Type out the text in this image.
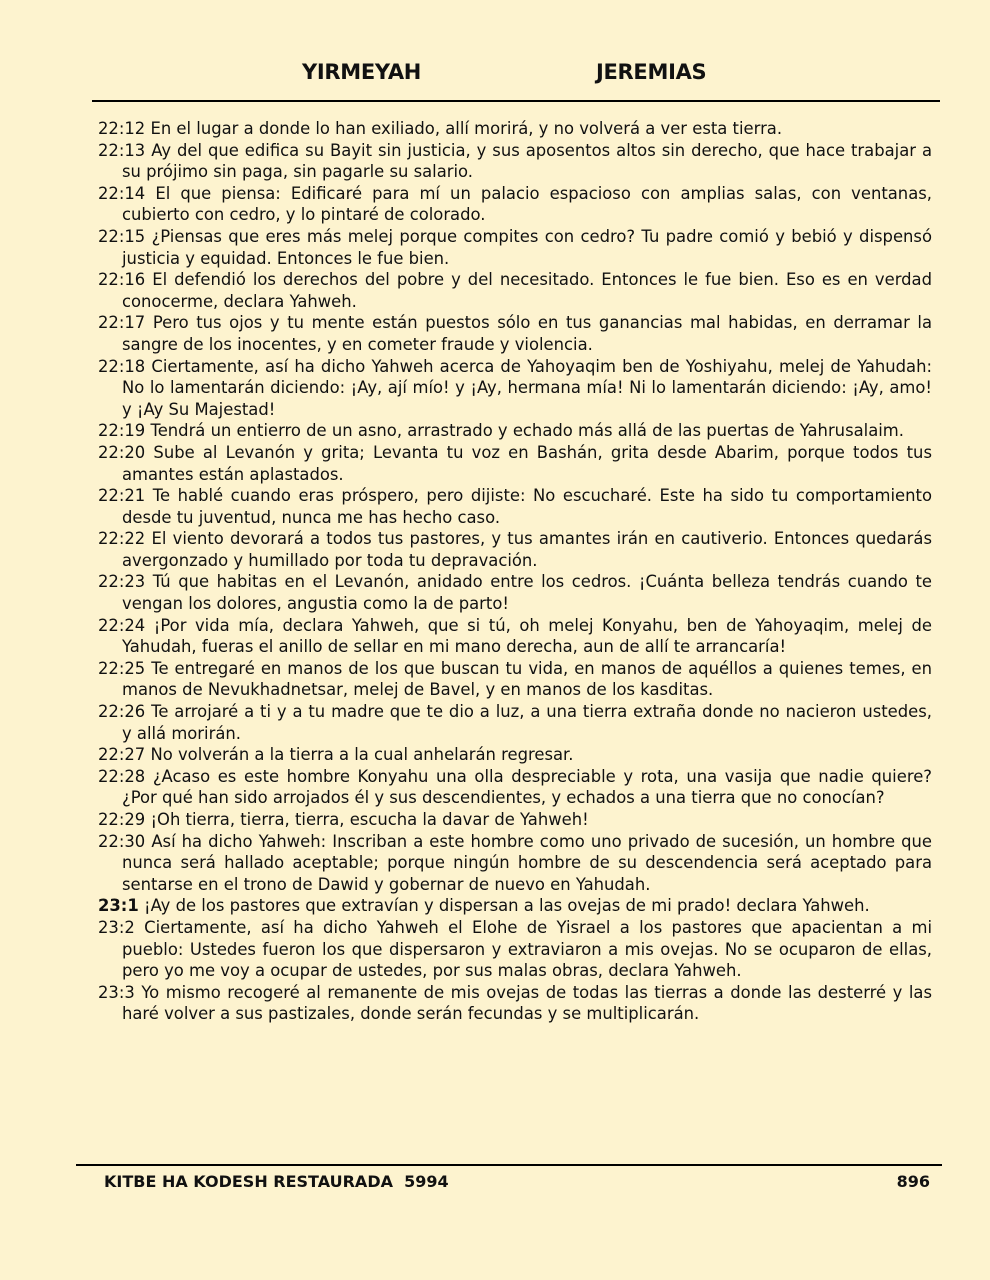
YIRMEYAH	JEREMIAS

22:12 En el lugar a donde lo han exiliado, allí morirá, y no volverá a ver esta tierra.

22:13 Ay del que edifica su Bayit sin justicia, y sus aposentos altos sin derecho, que hace trabajar a su prójimo sin paga, sin pagarle su salario.

22:14 El que piensa: Edificaré para mí un palacio espacioso con amplias salas, con ventanas, cubierto con cedro, y lo pintaré de colorado.

22:15 ¿Piensas que eres más melej porque compites con cedro? Tu padre comió y bebió y dispensó justicia y equidad. Entonces le fue bien.

22:16 El defendió los derechos del pobre y del necesitado. Entonces le fue bien. Eso es en verdad conocerme, declara Yahweh.

22:17 Pero tus ojos y tu mente están puestos sólo en tus ganancias mal habidas, en derramar la sangre de los inocentes, y en cometer fraude y violencia.

22:18 Ciertamente, así ha dicho Yahweh acerca de Yahoyaqim ben de Yoshiyahu, melej de Yahudah: No lo lamentarán diciendo: ¡Ay, ají mío! y ¡Ay, hermana mía! Ni lo lamentarán diciendo: ¡Ay, amo! y ¡Ay Su Majestad!

22:19 Tendrá un entierro de un asno, arrastrado y echado más allá de las puertas de Yahrusalaim.

22:20 Sube al Levanón y grita; Levanta tu voz en Bashán, grita desde Abarim, porque todos tus amantes están aplastados.

22:21 Te hablé cuando eras próspero, pero dijiste: No escucharé. Este ha sido tu comportamiento desde tu juventud, nunca me has hecho caso.

22:22 El viento devorará a todos tus pastores, y tus amantes irán en cautiverio. Entonces quedarás avergonzado y humillado por toda tu depravación.

22:23 Tú que habitas en el Levanón, anidado entre los cedros. ¡Cuánta belleza tendrás cuando te vengan los dolores, angustia como la de parto!

22:24 ¡Por vida mía, declara Yahweh, que si tú, oh melej Konyahu, ben de Yahoyaqim, melej de Yahudah, fueras el anillo de sellar en mi mano derecha, aun de allí te arrancaría!

22:25 Te entregaré en manos de los que buscan tu vida, en manos de aquéllos a quienes temes, en manos de Nevukhadnetsar, melej de Bavel, y en manos de los kasditas.

22:26 Te arrojaré a ti y a tu madre que te dio a luz, a una tierra extraña donde no nacieron ustedes, y allá morirán.

22:27 No volverán a la tierra a la cual anhelarán regresar.

22:28 ¿Acaso es este hombre Konyahu una olla despreciable y rota, una vasija que nadie quiere? ¿Por qué han sido arrojados él y sus descendientes, y echados a una tierra que no conocían?

22:29 ¡Oh tierra, tierra, tierra, escucha la davar de Yahweh!

22:30 Así ha dicho Yahweh: Inscriban a este hombre como uno privado de sucesión, un hombre que nunca será hallado aceptable; porque ningún hombre de su descendencia será aceptado para sentarse en el trono de Dawid y gobernar de nuevo en Yahudah.

23:1 ¡Ay de los pastores que extravían y dispersan a las ovejas de mi prado! declara Yahweh.

23:2 Ciertamente, así ha dicho Yahweh el Elohe de Yisrael a los pastores que apacientan a mi pueblo: Ustedes fueron los que dispersaron y extraviaron a mis ovejas. No se ocuparon de ellas, pero yo me voy a ocupar de ustedes, por sus malas obras, declara Yahweh.

23:3 Yo mismo recogeré al remanente de mis ovejas de todas las tierras a donde las desterré y las haré volver a sus pastizales, donde serán fecundas y se multiplicarán.

KITBE HA KODESH RESTAURADA  5994	896
